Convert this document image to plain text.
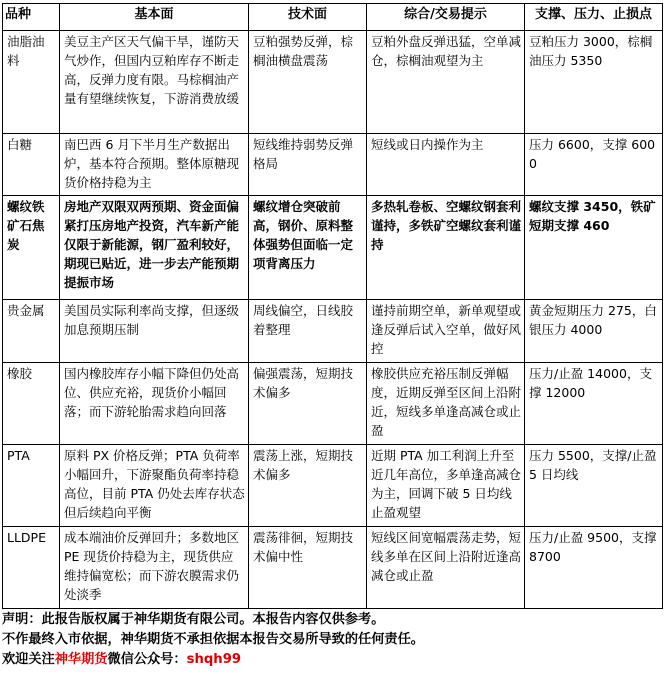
品种	基本面	技术面	综合/交易提示	支撑、压力、止损点
油脂油料	美豆主产区天气偏干旱，谨防天气炒作，但国内豆粕库存不断走高，反弹力度有限。马棕榈油产量有望继续恢复，下游消费放缓	豆粕强势反弹，棕榈油横盘震荡	豆粕外盘反弹迅猛，空单减仓，棕榈油观望为主	豆粕压力 3000，棕榈油压力 5350
白糖	南巴西 6 月下半月生产数据出炉，基本符合预期。整体原糖现货价格持稳为主	短线维持弱势反弹格局	短线或日内操作为主	压力 6600，支撑 6000
螺纹铁矿石焦炭	房地产双限双两预期、资金面偏紧打压房地产投资，汽车新产能仅限于新能源，钢厂盈利较好，期现已贴近，进一步去产能预期提振市场	螺纹增仓突破前高，钢价、原料整体强势但面临一定项背离压力	多热轧卷板、空螺纹钢套利谨持，多铁矿空螺纹套利谨持	螺纹支撑 3450，铁矿短期支撑 460
贵金属	美国员实际利率尚支撑，但逐级加息预期压制	周线偏空，日线胶着整理	谨持前期空单，新单观望或逢反弹后试入空单，做好风控	黄金短期压力 275，白银压力 4000
橡胶	国内橡胶库存小幅下降但仍处高位、供应充裕，现货价小幅回落；而下游轮胎需求趋向回落	偏强震荡，短期技术偏多	橡胶供应充裕压制反弹幅度，近期反弹至区间上沿附近，短线多单逢高减仓或止盈	压力/止盈 14000，支撑 12000
PTA	原料 PX 价格反弹；PTA 负荷率小幅回升，下游聚酯负荷率持稳高位，目前 PTA 仍处去库存状态但后续趋向平衡	震荡上涨，短期技术偏多	近期 PTA 加工利润上升至近几年高位，多单逢高减仓为主，回调下破 5 日均线止盈观望	压力 5500，支撑/止盈 5 日均线
LLDPE	成本端油价反弹回升；多数地区 PE 现货价持稳为主，现货供应维持偏宽松；而下游农膜需求仍处淡季	震荡徘徊，短期技术偏中性	短线区间宽幅震荡走势，短线多单在区间上沿附近逢高减仓或止盈	压力/止盈 9500，支撑 8700
声明：此报告版权属于神华期货有限公司。本报告内容仅供参考。
不作最终入市依据，神华期货不承担依据本报告交易所导致的任何责任。
欢迎关注神华期货微信公众号：shqh99
